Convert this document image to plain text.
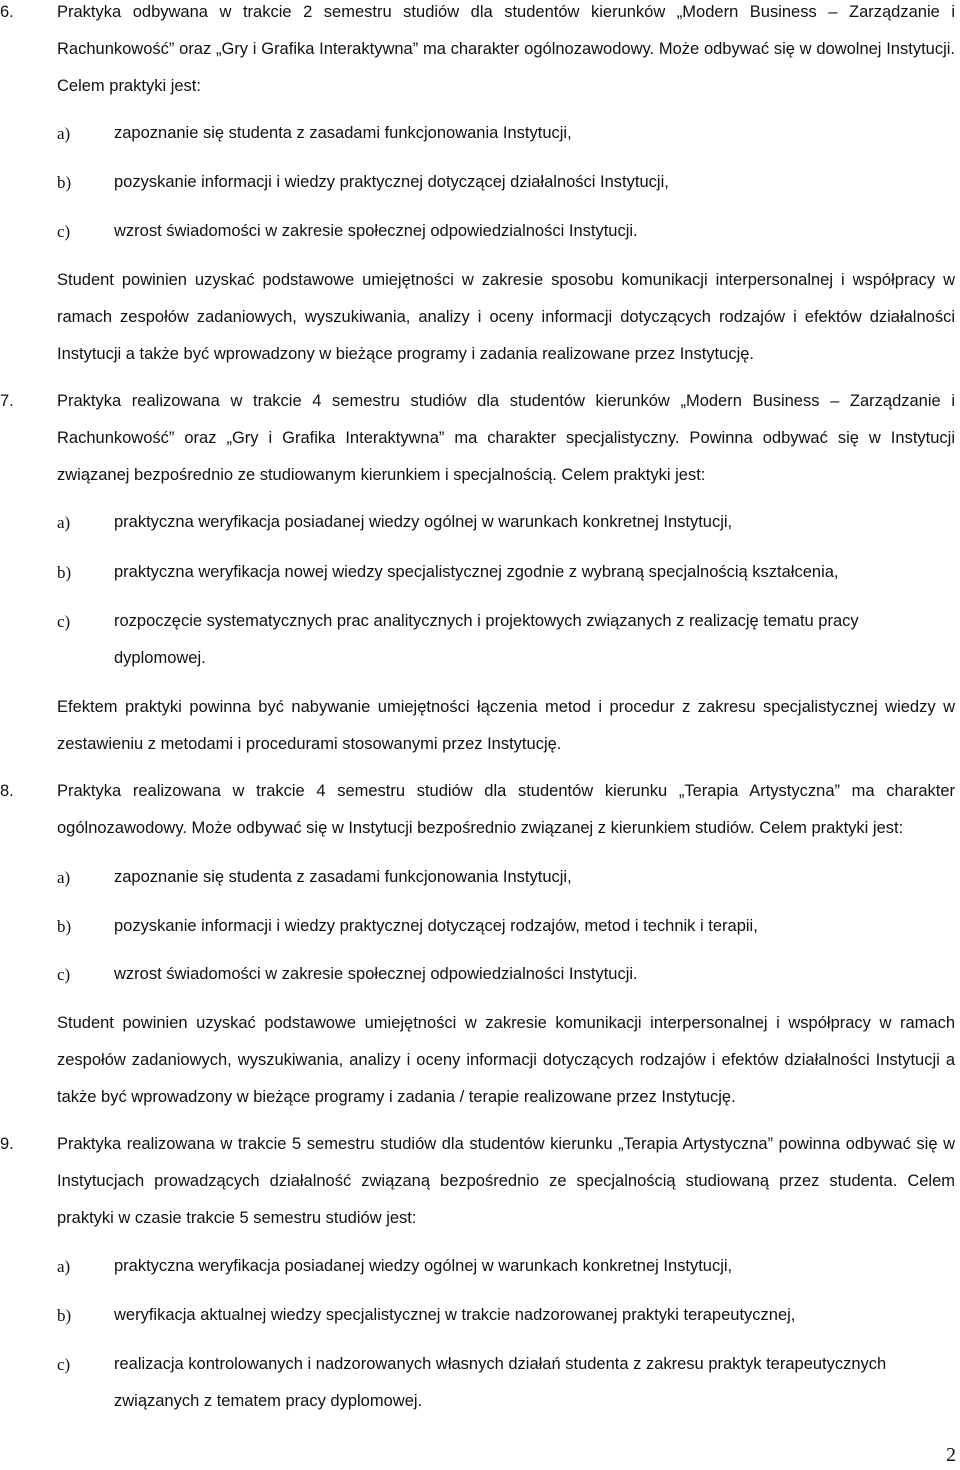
6.	Praktyka odbywana w trakcie 2 semestru studiów dla studentów kierunków „Modern Business – Zarządzanie i Rachunkowość” oraz „Gry i Grafika Interaktywna” ma charakter ogólnozawodowy. Może odbywać się w dowolnej Instytucji. Celem praktyki jest:
a)	zapoznanie się studenta z zasadami funkcjonowania Instytucji,
b)	pozyskanie informacji i wiedzy praktycznej dotyczącej działalności Instytucji,
c)	wzrost świadomości w zakresie społecznej odpowiedzialności Instytucji.
Student powinien uzyskać podstawowe umiejętności w zakresie sposobu komunikacji interpersonalnej i współpracy w ramach zespołów zadaniowych, wyszukiwania, analizy i oceny informacji dotyczących rodzajów i efektów działalności Instytucji a także być wprowadzony w bieżące programy i zadania realizowane przez Instytucję.
7.	Praktyka realizowana w trakcie 4 semestru studiów dla studentów kierunków „Modern Business – Zarządzanie i Rachunkowość” oraz „Gry i Grafika Interaktywna” ma charakter specjalistyczny. Powinna odbywać się w Instytucji związanej bezpośrednio ze studiowanym kierunkiem i specjalnością. Celem praktyki jest:
a)	praktyczna weryfikacja posiadanej wiedzy ogólnej w warunkach konkretnej Instytucji,
b)	praktyczna weryfikacja nowej wiedzy specjalistycznej zgodnie z wybraną specjalnością kształcenia,
c)	rozpoczęcie systematycznych prac analitycznych i projektowych związanych z realizację tematu pracy dyplomowej.
Efektem praktyki powinna być nabywanie umiejętności łączenia metod i procedur z zakresu specjalistycznej wiedzy w zestawieniu z metodami i procedurami stosowanymi przez Instytucję.
8.	Praktyka realizowana w trakcie 4 semestru studiów dla studentów kierunku „Terapia Artystyczna” ma charakter ogólnozawodowy. Może odbywać się w Instytucji bezpośrednio związanej z kierunkiem studiów. Celem praktyki jest:
a)	zapoznanie się studenta z zasadami funkcjonowania Instytucji,
b)	pozyskanie informacji i wiedzy praktycznej dotyczącej rodzajów, metod i technik i terapii,
c)	wzrost świadomości w zakresie społecznej odpowiedzialności Instytucji.
Student powinien uzyskać podstawowe umiejętności w zakresie komunikacji interpersonalnej i współpracy w ramach zespołów zadaniowych, wyszukiwania, analizy i oceny informacji dotyczących rodzajów i efektów działalności Instytucji a także być wprowadzony w bieżące programy i zadania / terapie realizowane przez Instytucję.
9.	Praktyka realizowana w trakcie 5 semestru studiów dla studentów kierunku „Terapia Artystyczna” powinna odbywać się w Instytucjach prowadzących działalność związaną bezpośrednio ze specjalnością studiowaną przez studenta. Celem praktyki w czasie trakcie 5 semestru studiów jest:
a)	praktyczna weryfikacja posiadanej wiedzy ogólnej w warunkach konkretnej Instytucji,
b)	weryfikacja aktualnej wiedzy specjalistycznej w trakcie nadzorowanej praktyki terapeutycznej,
c)	realizacja kontrolowanych i nadzorowanych własnych działań studenta z zakresu praktyk terapeutycznych związanych z tematem pracy dyplomowej.
2
